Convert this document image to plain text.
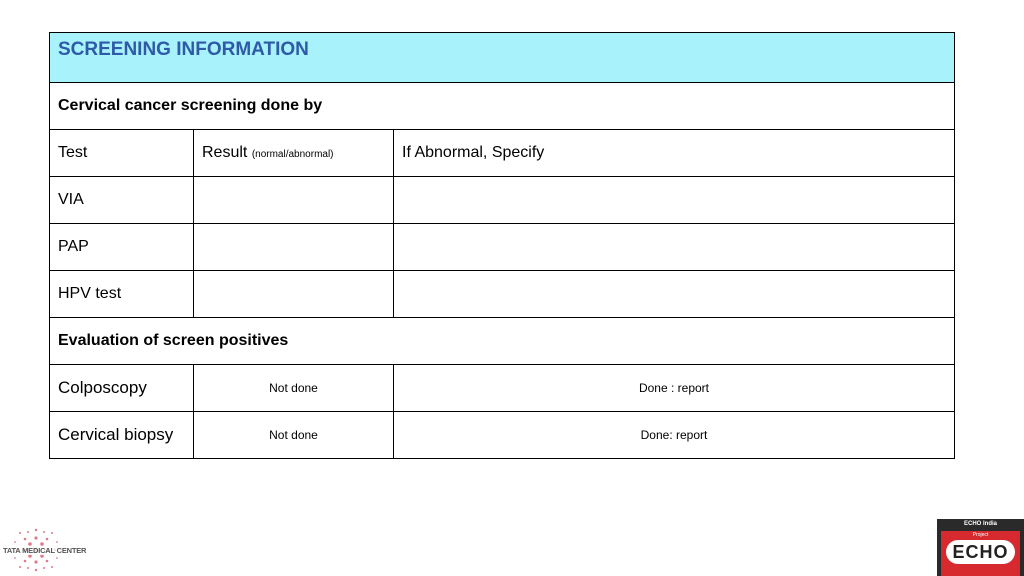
SCREENING INFORMATION		
Cervical cancer screening done by		
Test	Result (normal/abnormal)	If Abnormal, Specify
VIA		
PAP		
HPV test		
Evaluation of screen positives		
Colposcopy	Not done	Done : report
Cervical biopsy	Not done	Done: report
TATA MEDICAL CENTER
ECHO India
Project
ECHO
